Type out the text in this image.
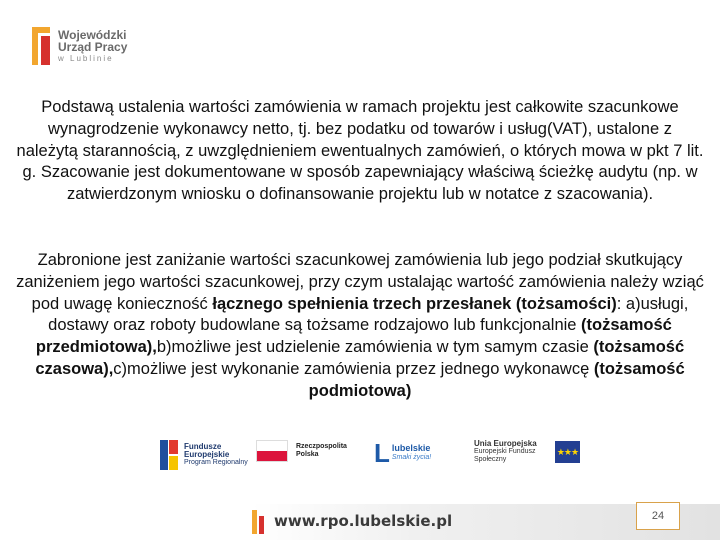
Wojewódzki
Urząd Pracy
w Lublinie
Podstawą ustalenia wartości zamówienia w ramach projektu jest całkowite szacunkowe wynagrodzenie wykonawcy netto, tj. bez podatku od towarów i usług(VAT), ustalone z należytą starannością, z uwzględnieniem ewentualnych zamówień, o których mowa w pkt 7 lit. g. Szacowanie jest dokumentowane w sposób zapewniający właściwą ścieżkę audytu (np. w zatwierdzonym wniosku o dofinansowanie projektu lub w notatce z szacowania).
Zabronione jest zaniżanie wartości szacunkowej zamówienia lub jego podział skutkujący zaniżeniem jego wartości szacunkowej, przy czym ustalając wartość zamówienia należy wziąć pod uwagę konieczność łącznego spełnienia trzech przesłanek (tożsamości): a)usługi, dostawy oraz roboty budowlane są tożsame rodzajowo lub funkcjonalnie (tożsamość przedmiotowa),b)możliwe jest udzielenie zamówienia w tym samym czasie (tożsamość czasowa),c)możliwe jest wykonanie zamówienia przez jednego wykonawcę (tożsamość podmiotowa)
Fundusze
Europejskie
Program Regionalny
Rzeczpospolita
Polska	L lubelskie
Smaki życia!
Unia Europejska
Europejski Fundusz Społeczny
★★★
www.rpo.lubelskie.pl	24
